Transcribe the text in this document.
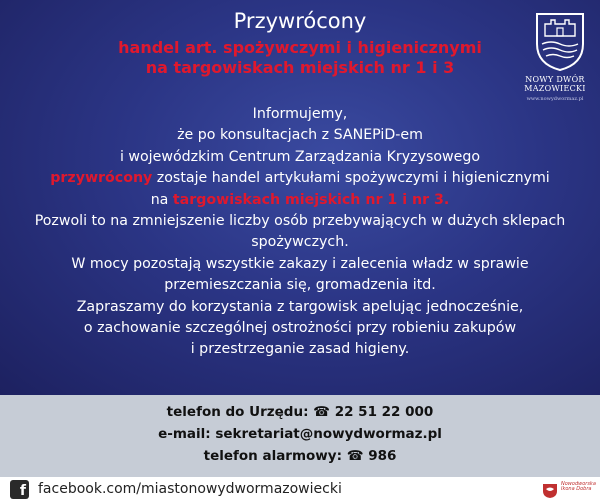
Przywrócony
handel art. spożywczymi i higienicznymi
na targowiskach miejskich nr 1 i 3
NOWY DWÓR
MAZOWIECKI
www.nowydwormaz.pl
Informujemy,
że po konsultacjach z SANEPiD-em
i wojewódzkim Centrum Zarządzania Kryzysowego
przywrócony zostaje handel artykułami spożywczymi i higienicznymi
na targowiskach miejskich nr 1 i nr 3.
Pozwoli to na zmniejszenie liczby osób przebywających w dużych sklepach
spożywczych.
W mocy pozostają wszystkie zakazy i zalecenia władz w sprawie
przemieszczania się, gromadzenia itd.
Zapraszamy do korzystania z targowisk apelując jednocześnie,
o zachowanie szczególnej ostrożności przy robieniu zakupów
i przestrzeganie zasad higieny.
telefon do Urzędu: ☎ 22 51 22 000
e-mail: sekretariat@nowydwormaz.pl
telefon alarmowy: ☎ 986
f facebook.com/miastonowydwormazowiecki	Nowodworska Ikona Dobra
